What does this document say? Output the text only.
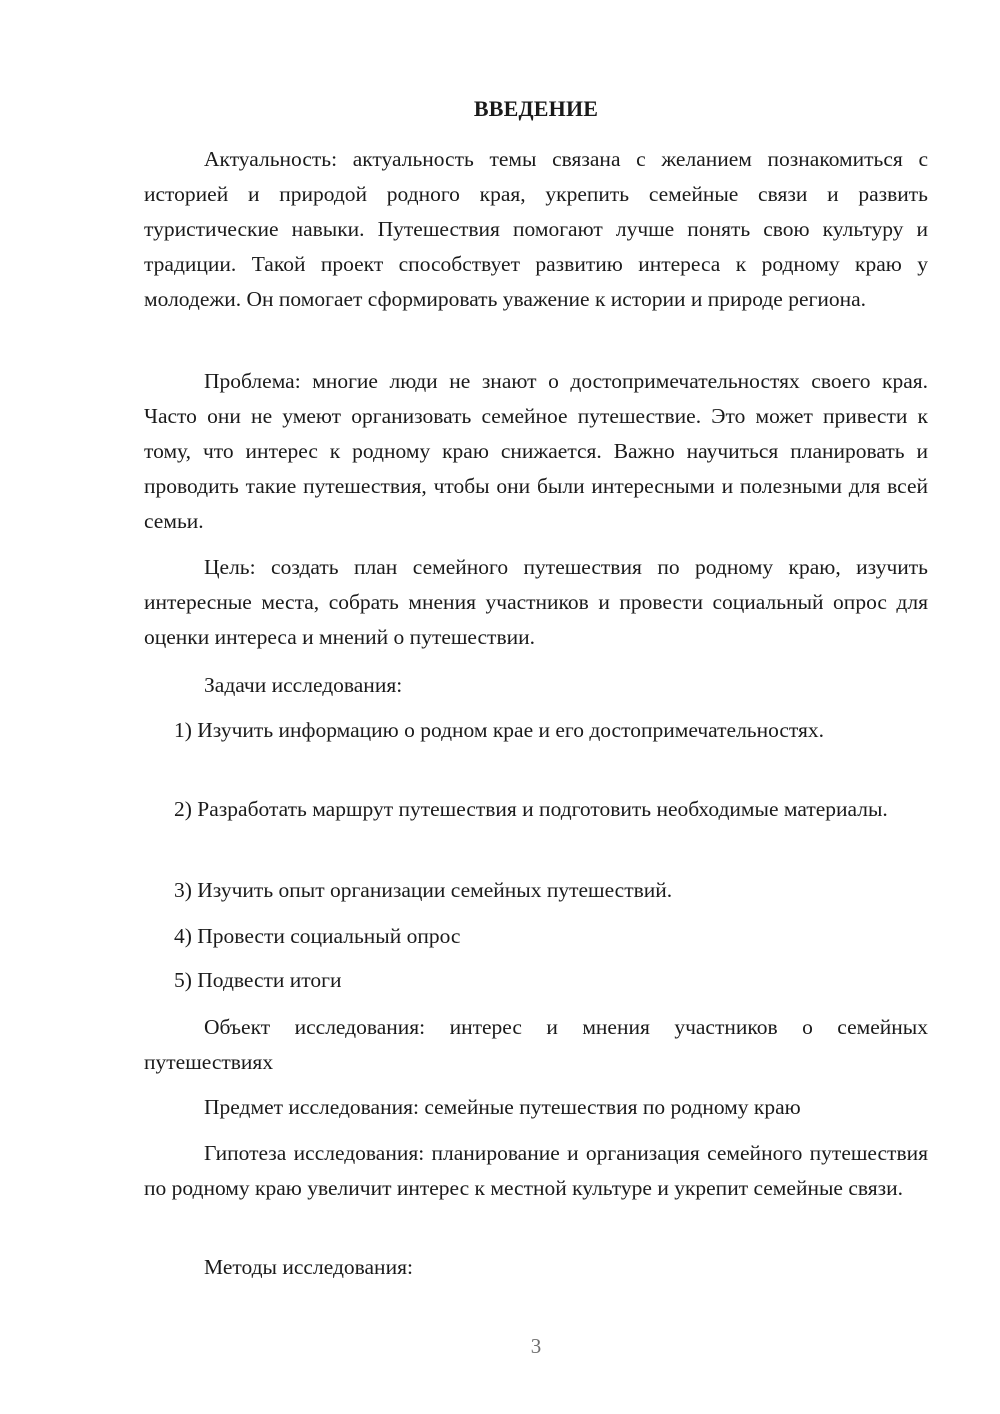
ВВЕДЕНИЕ

Актуальность: актуальность темы связана с желанием познакомиться с историей и природой родного края, укрепить семейные связи и развить туристические навыки. Путешествия помогают лучше понять свою культуру и традиции. Такой проект способствует развитию интереса к родному краю у молодежи. Он помогает сформировать уважение к истории и природе региона.

Проблема: многие люди не знают о достопримечательностях своего края. Часто они не умеют организовать семейное путешествие. Это может привести к тому, что интерес к родному краю снижается. Важно научиться планировать и проводить такие путешествия, чтобы они были интересными и полезными для всей семьи.

Цель: создать план семейного путешествия по родному краю, изучить интересные места, собрать мнения участников и провести социальный опрос для оценки интереса и мнений о путешествии.

Задачи исследования:

1) Изучить информацию о родном крае и его достопримечательностях.

2) Разработать маршрут путешествия и подготовить необходимые материалы.

3) Изучить опыт организации семейных путешествий.

4) Провести социальный опрос

5) Подвести итоги

Объект исследования: интерес и мнения участников о семейных путешествиях

Предмет исследования: семейные путешествия по родному краю

Гипотеза исследования: планирование и организация семейного путешествия по родному краю увеличит интерес к местной культуре и укрепит семейные связи.

Методы исследования:

3
